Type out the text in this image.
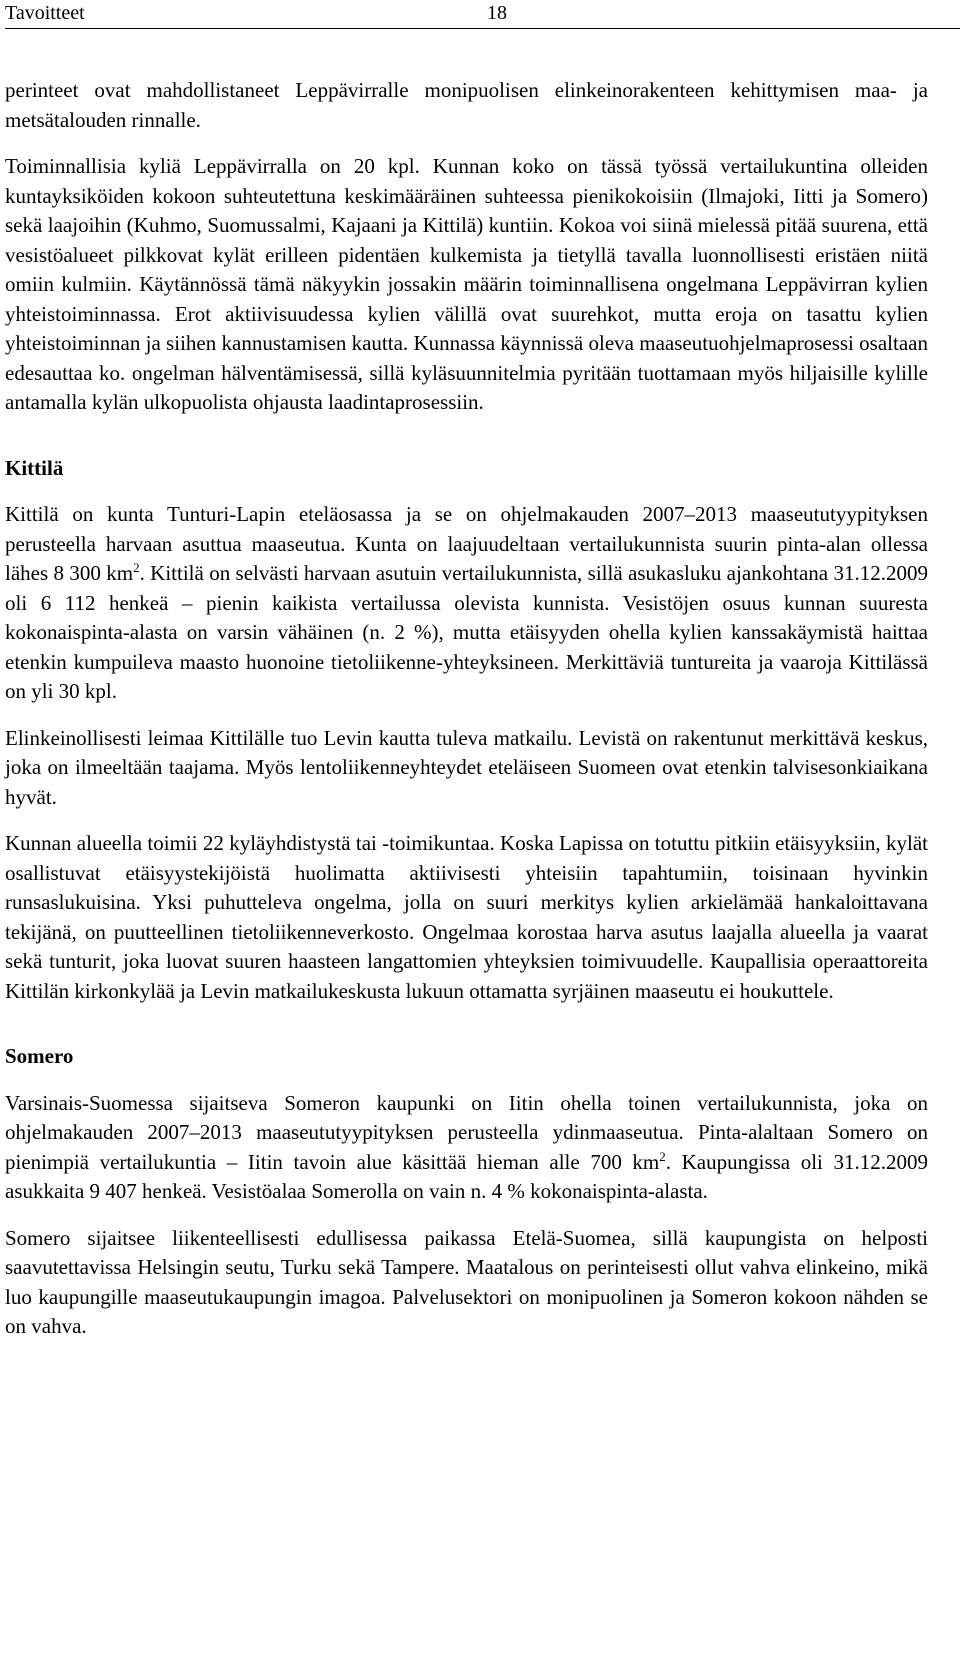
Tavoitteet	18

perinteet ovat mahdollistaneet Leppävirralle monipuolisen elinkeinorakenteen kehittymisen maa- ja metsätalouden rinnalle.

Toiminnallisia kyliä Leppävirralla on 20 kpl. Kunnan koko on tässä työssä vertailukuntina olleiden kuntayksiköiden kokoon suhteutettuna keskimääräinen suhteessa pienikokoisiin (Ilmajoki, Iitti ja Somero) sekä laajoihin (Kuhmo, Suomussalmi, Kajaani ja Kittilä) kuntiin. Kokoa voi siinä mielessä pitää suurena, että vesistöalueet pilkkovat kylät erilleen pidentäen kulkemista ja tietyllä tavalla luonnollisesti eristäen niitä omiin kulmiin. Käytännössä tämä näkyykin jossakin määrin toiminnallisena ongelmana Leppävirran kylien yhteistoiminnassa. Erot aktiivisuudessa kylien välillä ovat suurehkot, mutta eroja on tasattu kylien yhteistoiminnan ja siihen kannustamisen kautta. Kunnassa käynnissä oleva maaseutuohjelmaprosessi osaltaan edesauttaa ko. ongelman hälventämisessä, sillä kyläsuunnitelmia pyritään tuottamaan myös hiljaisille kylille antamalla kylän ulkopuolista ohjausta laadintaprosessiin.

Kittilä

Kittilä on kunta Tunturi-Lapin eteläosassa ja se on ohjelmakauden 2007–2013 maaseututyypityksen perusteella harvaan asuttua maaseutua. Kunta on laajuudeltaan vertailukunnista suurin pinta-alan ollessa lähes 8 300 $km^2$. Kittilä on selvästi harvaan asutuin vertailukunnista, sillä asukasluku ajankohtana 31.12.2009 oli 6 112 henkeä – pienin kaikista vertailussa olevista kunnista. Vesistöjen osuus kunnan suuresta kokonaispinta-alasta on varsin vähäinen (n. 2 %), mutta etäisyyden ohella kylien kanssakäymistä haittaa etenkin kumpuileva maasto huonoine tietoliikenne-yhteyksineen. Merkittäviä tuntureita ja vaaroja Kittilässä on yli 30 kpl.

Elinkeinollisesti leimaa Kittilälle tuo Levin kautta tuleva matkailu. Levistä on rakentunut merkittävä keskus, joka on ilmeeltään taajama. Myös lentoliikenneyhteydet eteläiseen Suomeen ovat etenkin talvisesonkiaikana hyvät.

Kunnan alueella toimii 22 kyläyhdistystä tai -toimikuntaa. Koska Lapissa on totuttu pitkiin etäisyyksiin, kylät osallistuvat etäisyystekijöistä huolimatta aktiivisesti yhteisiin tapahtumiin, toisinaan hyvinkin runsaslukuisina. Yksi puhutteleva ongelma, jolla on suuri merkitys kylien arkielämää hankaloittavana tekijänä, on puutteellinen tietoliikenneverkosto. Ongelmaa korostaa harva asutus laajalla alueella ja vaarat sekä tunturit, joka luovat suuren haasteen langattomien yhteyksien toimivuudelle. Kaupallisia operaattoreita Kittilän kirkonkylää ja Levin matkailukeskusta lukuun ottamatta syrjäinen maaseutu ei houkuttele.

Somero

Varsinais-Suomessa sijaitseva Someron kaupunki on Iitin ohella toinen vertailukunnista, joka on ohjelmakauden 2007–2013 maaseututyypityksen perusteella ydinmaaseutua. Pinta-alaltaan Somero on pienimpiä vertailukuntia – Iitin tavoin alue käsittää hieman alle 700 $km^2$. Kaupungissa oli 31.12.2009 asukkaita 9 407 henkeä. Vesistöalaa Somerolla on vain n. 4 % kokonaispinta-alasta.

Somero sijaitsee liikenteellisesti edullisessa paikassa Etelä-Suomea, sillä kaupungista on helposti saavutettavissa Helsingin seutu, Turku sekä Tampere. Maatalous on perinteisesti ollut vahva elinkeino, mikä luo kaupungille maaseutukaupungin imagoa. Palvelusektori on monipuolinen ja Someron kokoon nähden se on vahva.
